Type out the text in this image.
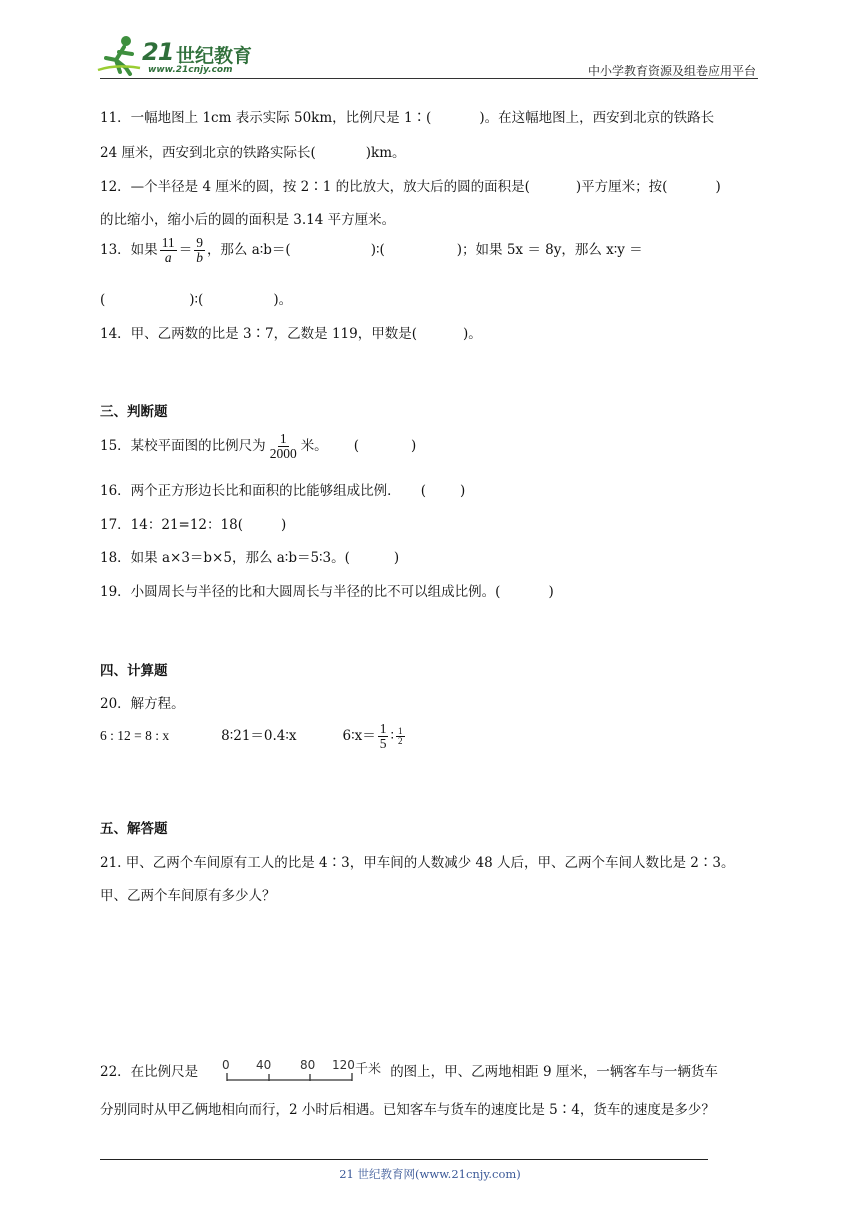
21 世纪教育
www.21cnjy.com	中小学教育资源及组卷应用平台
11．一幅地图上 1cm 表示实际 50km，比例尺是 1∶(	)。在这幅地图上，西安到北京的铁路长
24 厘米，西安到北京的铁路实际长(	)km。
12．—个半径是 4 厘米的圆，按 2∶1 的比放大，放大后的圆的面积是(	)平方厘米；按(	)
的比缩小，缩小后的圆的面积是 3.14 平方厘米。
13．如果 $\frac{11}{a} = \frac{9}{b}$ ，那么 a∶b＝(	)∶(	)；如果 5x ＝ 8y，那么 x∶y ＝
(	)∶(	)。
14．甲、乙两数的比是 3∶7，乙数是 119，甲数是(	)。
三、判断题
15．某校平面图的比例尺为 $\frac{1}{2000}$ 米。 (	)
16．两个正方形边长比和面积的比能够组成比例． (	)
17．14：21=12：18(	)
18．如果 a×3＝b×5，那么 a∶b＝5∶3。(	)
19．小圆周长与半径的比和大圆周长与半径的比不可以组成比例。(	)
四、计算题
20．解方程。
6 : 12 = 8 : x	8∶21＝0.4∶x	6∶x＝ $\frac{1}{5}$ ∶ $\frac{1}{2}$
五、解答题
21. 甲、乙两个车间原有工人的比是 4∶3，甲车间的人数减少 48 人后，甲、乙两个车间人数比是 2∶3。
甲、乙两个车间原有多少人？
22．在比例尺是	的图上，甲、乙两地相距 9 厘米，一辆客车与一辆货车
0 40 80 120 千米
分别同时从甲乙俩地相向而行，2 小时后相遇。已知客车与货车的速度比是 5∶4，货车的速度是多少？
21 世纪教育网(www.21cnjy.com)
